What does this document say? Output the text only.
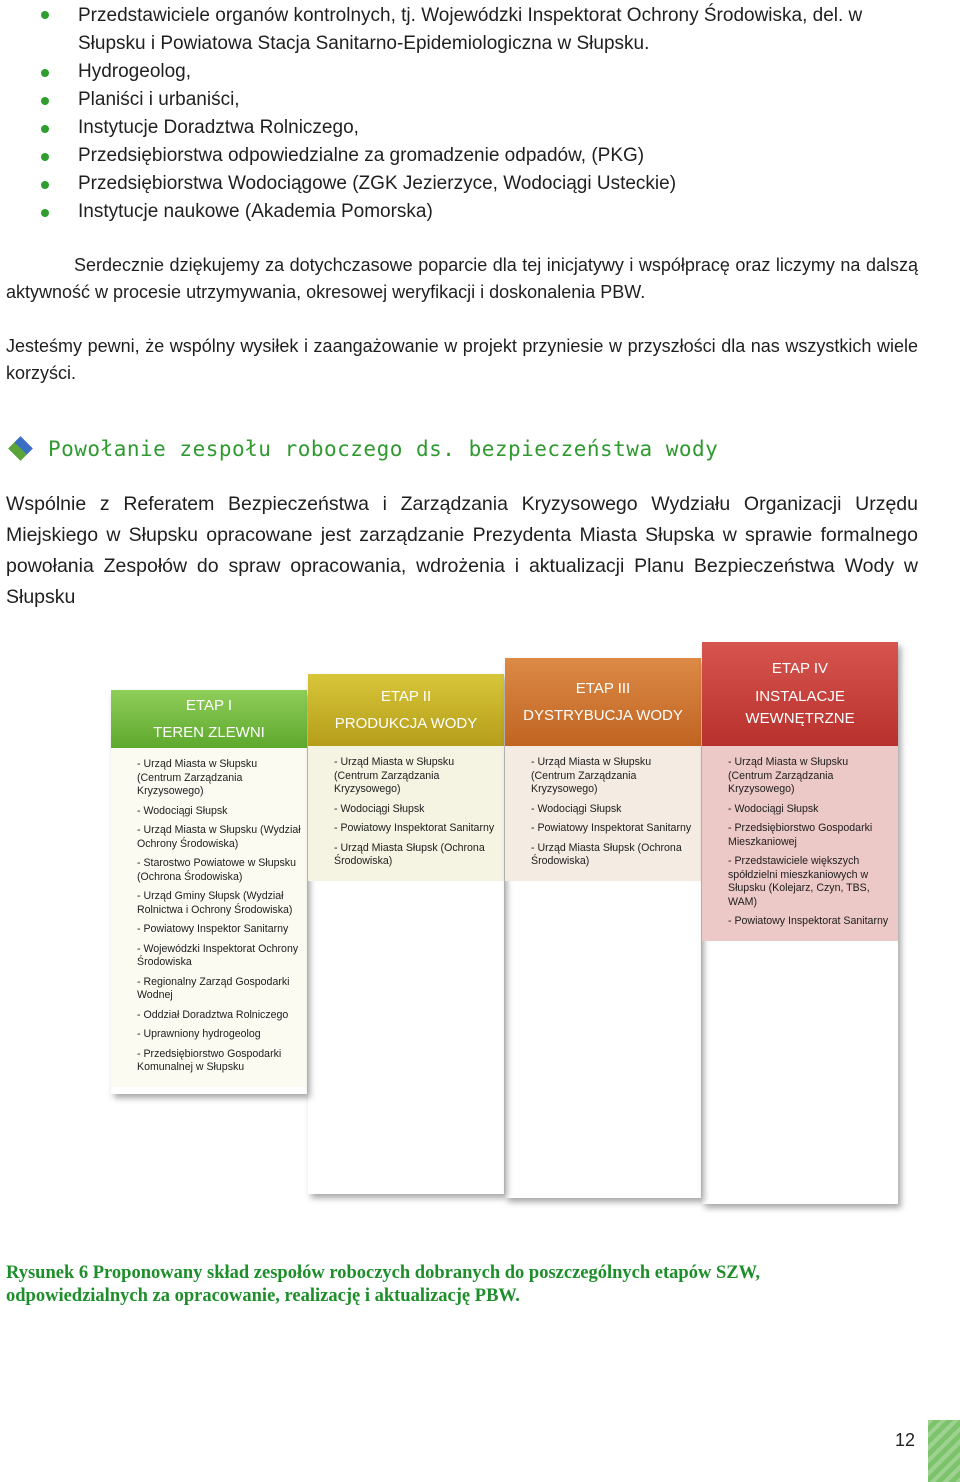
Przedstawiciele organów kontrolnych, tj. Wojewódzki Inspektorat Ochrony Środowiska, del. w Słupsku i Powiatowa Stacja Sanitarno-Epidemiologiczna w Słupsku.
Hydrogeolog,
Planiści i urbaniści,
Instytucje Doradztwa Rolniczego,
Przedsiębiorstwa odpowiedzialne za gromadzenie odpadów, (PKG)
Przedsiębiorstwa Wodociągowe (ZGK Jezierzyce, Wodociągi Usteckie)
Instytucje naukowe (Akademia Pomorska)

Serdecznie dziękujemy za dotychczasowe poparcie dla tej inicjatywy i współpracę oraz liczymy na dalszą aktywność w procesie utrzymywania, okresowej weryfikacji i doskonalenia PBW.

Jesteśmy pewni, że wspólny wysiłek i zaangażowanie w projekt przyniesie w przyszłości dla nas wszystkich wiele korzyści.

Powołanie zespołu roboczego ds. bezpieczeństwa wody

Wspólnie z Referatem Bezpieczeństwa i Zarządzania Kryzysowego Wydziału Organizacji Urzędu Miejskiego w Słupsku opracowane jest zarządzanie Prezydenta Miasta Słupska w sprawie formalnego powołania Zespołów do spraw opracowania, wdrożenia i aktualizacji Planu Bezpieczeństwa Wody w Słupsku

ETAP I
TEREN ZLEWNI

- Urząd Miasta w Słupsku (Centrum Zarządzania Kryzysowego)

- Wodociągi Słupsk

- Urząd Miasta w Słupsku (Wydział Ochrony Środowiska)

- Starostwo Powiatowe w Słupsku (Ochrona Środowiska)

- Urząd Gminy Słupsk (Wydział Rolnictwa i Ochrony Środowiska)

- Powiatowy Inspektor Sanitarny

- Wojewódzki Inspektorat Ochrony Środowiska

- Regionalny Zarząd Gospodarki Wodnej

- Oddział Doradztwa Rolniczego

- Uprawniony hydrogeolog

- Przedsiębiorstwo Gospodarki Komunalnej w Słupsku

ETAP II
PRODUKCJA WODY

- Urząd Miasta w Słupsku (Centrum Zarządzania Kryzysowego)

- Wodociągi Słupsk

- Powiatowy Inspektorat Sanitarny

- Urząd Miasta Słupsk (Ochrona Środowiska)

ETAP III
DYSTRYBUCJA WODY

- Urząd Miasta w Słupsku (Centrum Zarządzania Kryzysowego)

- Wodociągi Słupsk

- Powiatowy Inspektorat Sanitarny

- Urząd Miasta Słupsk (Ochrona Środowiska)

ETAP IV
INSTALACJE WEWNĘTRZNE

- Urząd Miasta w Słupsku (Centrum Zarządzania Kryzysowego)

- Wodociągi Słupsk

- Przedsiębiorstwo Gospodarki Mieszkaniowej

- Przedstawiciele większych spółdzielni mieszkaniowych w Słupsku (Kolejarz, Czyn, TBS, WAM)

- Powiatowy Inspektorat Sanitarny

Rysunek 6 Proponowany skład zespołów roboczych dobranych do poszczególnych etapów SZW, odpowiedzialnych za opracowanie, realizację i aktualizację PBW.

12
